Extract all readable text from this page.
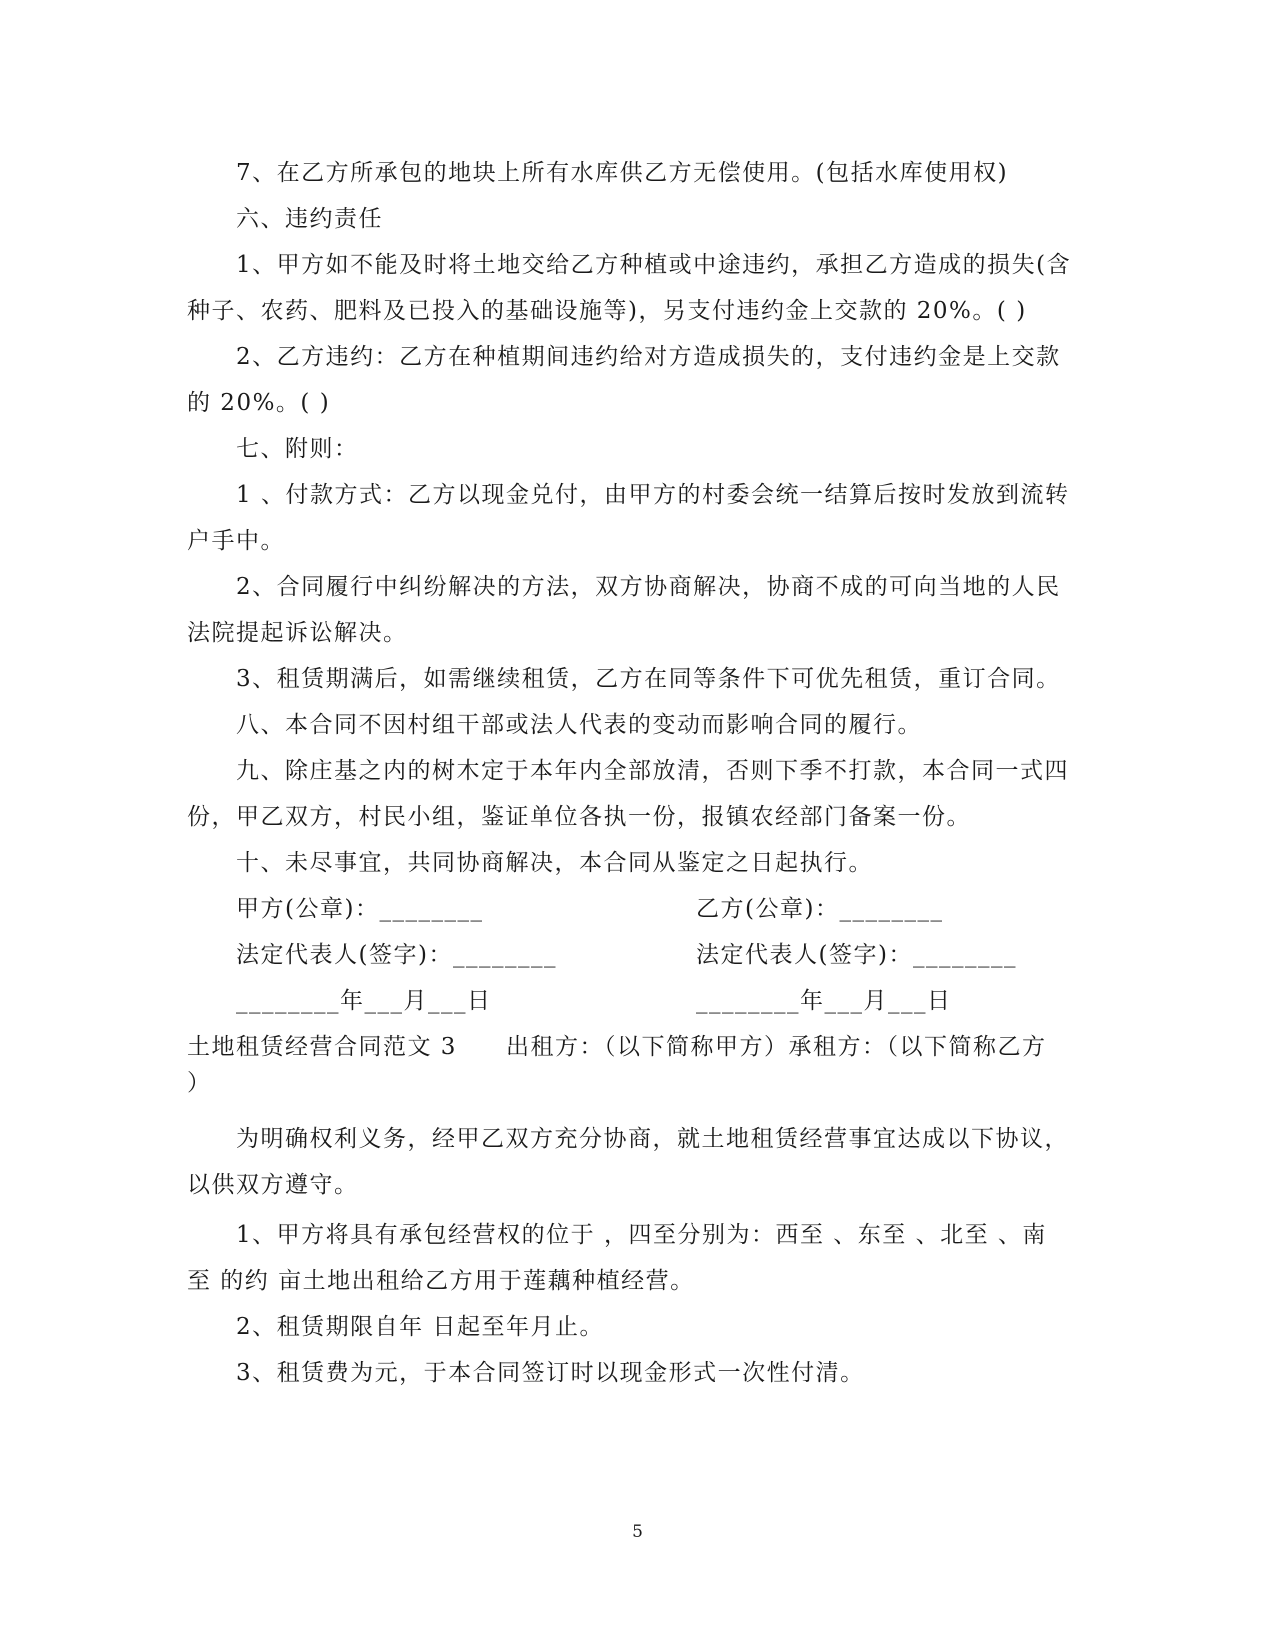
7、在乙方所承包的地块上所有水库供乙方无偿使用。(包括水库使用权)
六、违约责任
1、甲方如不能及时将土地交给乙方种植或中途违约，承担乙方造成的损失(含
种子、农药、肥料及已投入的基础设施等)，另支付违约金上交款的 20%。( )
2、乙方违约：乙方在种植期间违约给对方造成损失的，支付违约金是上交款
的 20%。( )
七、附则：
1 、付款方式：乙方以现金兑付，由甲方的村委会统一结算后按时发放到流转
户手中。
2、合同履行中纠纷解决的方法，双方协商解决，协商不成的可向当地的人民
法院提起诉讼解决。
3、租赁期满后，如需继续租赁，乙方在同等条件下可优先租赁，重订合同。
八、本合同不因村组干部或法人代表的变动而影响合同的履行。
九、除庄基之内的树木定于本年内全部放清，否则下季不打款，本合同一式四
份，甲乙双方，村民小组，鉴证单位各执一份，报镇农经部门备案一份。
十、未尽事宜，共同协商解决，本合同从鉴定之日起执行。
甲方(公章)：________	乙方(公章)：________
法定代表人(签字)：________	法定代表人(签字)：________
________年___月___日	________年___月___日
土地租赁经营合同范文 3　　出租方：（以下简称甲方）承租方：（以下简称乙方
）
为明确权利义务，经甲乙双方充分协商，就土地租赁经营事宜达成以下协议，
以供双方遵守。
1、甲方将具有承包经营权的位于 ，四至分别为：西至 、东至 、北至 、南
至 的约 亩土地出租给乙方用于莲藕种植经营。
2、租赁期限自年 日起至年月止。
3、租赁费为元，于本合同签订时以现金形式一次性付清。
5
